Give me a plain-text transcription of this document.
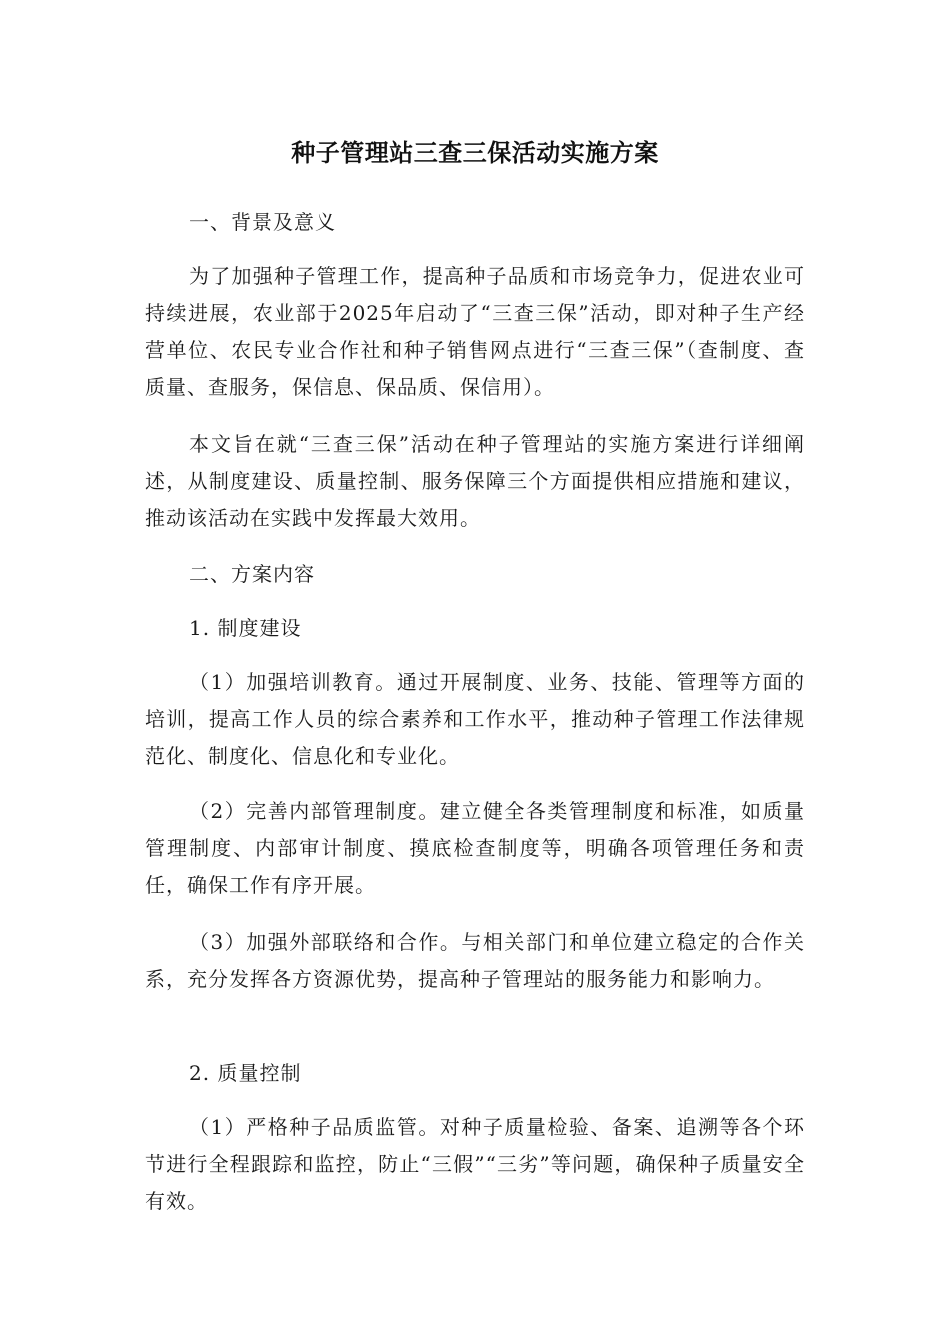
种子管理站三查三保活动实施方案

一、背景及意义

为了加强种子管理工作，提高种子品质和市场竞争力，促进农业可持续进展，农业部于2025年启动了“三查三保”活动，即对种子生产经营单位、农民专业合作社和种子销售网点进行“三查三保”（查制度、查质量、查服务，保信息、保品质、保信用）。

本文旨在就“三查三保”活动在种子管理站的实施方案进行详细阐述，从制度建设、质量控制、服务保障三个方面提供相应措施和建议，推动该活动在实践中发挥最大效用。

二、方案内容

1. 制度建设

（1）加强培训教育。通过开展制度、业务、技能、管理等方面的培训，提高工作人员的综合素养和工作水平，推动种子管理工作法律规范化、制度化、信息化和专业化。

（2）完善内部管理制度。建立健全各类管理制度和标准，如质量管理制度、内部审计制度、摸底检查制度等，明确各项管理任务和责任，确保工作有序开展。

（3）加强外部联络和合作。与相关部门和单位建立稳定的合作关系，充分发挥各方资源优势，提高种子管理站的服务能力和影响力。

2. 质量控制

（1）严格种子品质监管。对种子质量检验、备案、追溯等各个环节进行全程跟踪和监控，防止“三假”“三劣”等问题，确保种子质量安全有效。
